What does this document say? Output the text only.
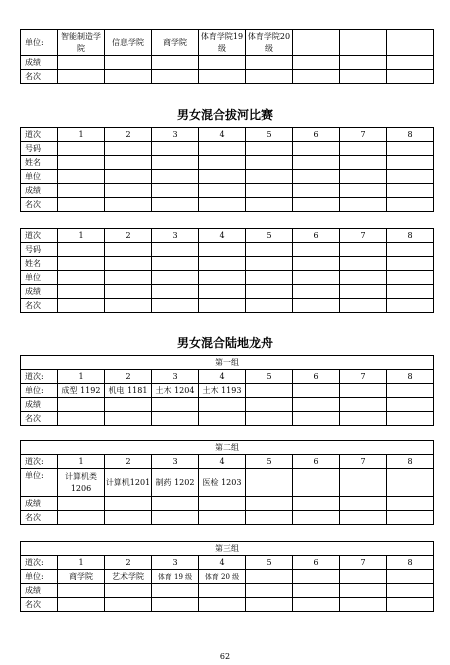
单位:	智能制造学院	信息学院	商学院	体育学院19级	体育学院20级			
成绩								
名次								
男女混合拔河比赛
道次	1	2	3	4	5	6	7	8
号码								
姓名								
单位								
成绩								
名次								
道次	1	2	3	4	5	6	7	8
号码								
姓名								
单位								
成绩								
名次								
男女混合陆地龙舟
第一组								
道次:	1	2	3	4	5	6	7	8
单位:	成型 1192	机电 1181	土木 1204	土木 1193				
成绩								
名次								
第二组								
道次:	1	2	3	4	5	6	7	8
单位:	计算机类1206	计算机1201	制药 1202	医检 1203				
成绩								
名次								
第三组								
道次:	1	2	3	4	5	6	7	8
单位:	商学院	艺术学院	体育 19 级	体育 20 级				
成绩								
名次								
62
